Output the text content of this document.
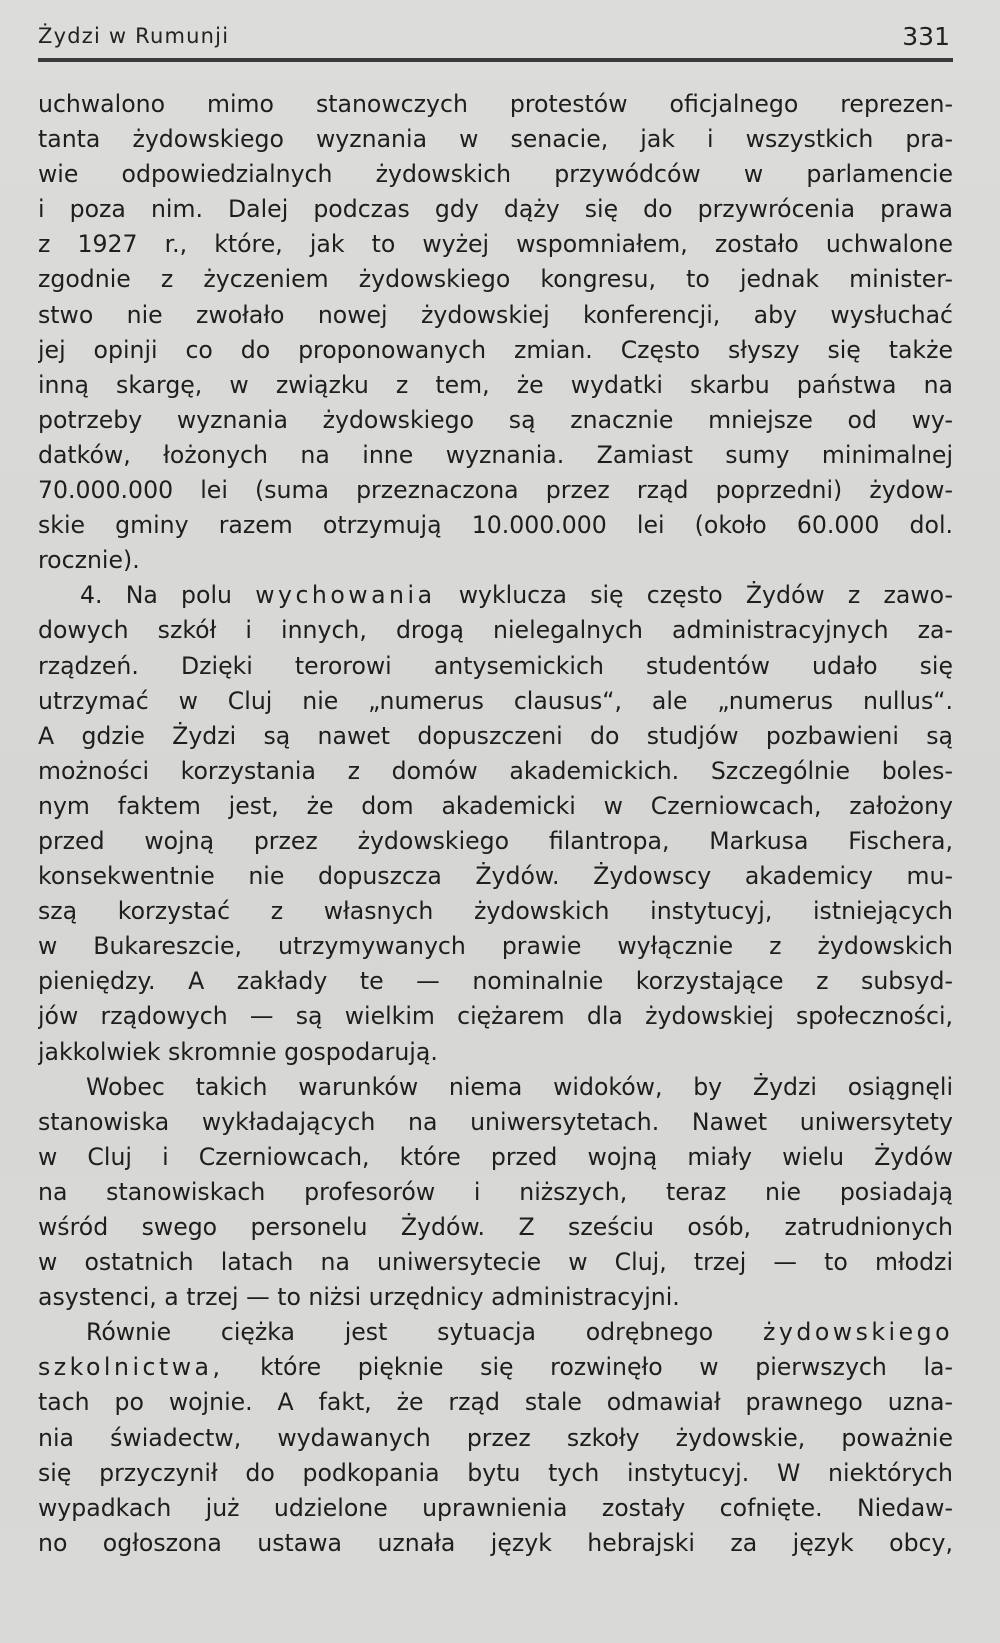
Żydzi w Rumunji	331
uchwalono mimo stanowczych protestów oficjalnego reprezen-
tanta żydowskiego wyznania w senacie, jak i wszystkich pra-
wie odpowiedzialnych żydowskich przywódców w parlamencie
i poza nim. Dalej podczas gdy dąży się do przywrócenia prawa
z 1927 r., które, jak to wyżej wspomniałem, zostało uchwalone
zgodnie z życzeniem żydowskiego kongresu, to jednak minister-
stwo nie zwołało nowej żydowskiej konferencji, aby wysłuchać
jej opinji co do proponowanych zmian. Często słyszy się także
inną skargę, w związku z tem, że wydatki skarbu państwa na
potrzeby wyznania żydowskiego są znacznie mniejsze od wy-
datków, łożonych na inne wyznania. Zamiast sumy minimalnej
70.000.000 lei (suma przeznaczona przez rząd poprzedni) żydow-
skie gminy razem otrzymują 10.000.000 lei (około 60.000 dol.
rocznie).
4. Na polu wychowania wyklucza się często Żydów z zawo-
dowych szkół i innych, drogą nielegalnych administracyjnych za-
rządzeń. Dzięki terorowi antysemickich studentów udało się
utrzymać w Cluj nie „numerus clausus“, ale „numerus nullus“.
A gdzie Żydzi są nawet dopuszczeni do studjów pozbawieni są
możności korzystania z domów akademickich. Szczególnie boles-
nym faktem jest, że dom akademicki w Czerniowcach, założony
przed wojną przez żydowskiego filantropa, Markusa Fischera,
konsekwentnie nie dopuszcza Żydów. Żydowscy akademicy mu-
szą korzystać z własnych żydowskich instytucyj, istniejących
w Bukareszcie, utrzymywanych prawie wyłącznie z żydowskich
pieniędzy. A zakłady te — nominalnie korzystające z subsyd-
jów rządowych — są wielkim ciężarem dla żydowskiej społeczności,
jakkolwiek skromnie gospodarują.
Wobec takich warunków niema widoków, by Żydzi osiągnęli
stanowiska wykładających na uniwersytetach. Nawet uniwersytety
w Cluj i Czerniowcach, które przed wojną miały wielu Żydów
na stanowiskach profesorów i niższych, teraz nie posiadają
wśród swego personelu Żydów. Z sześciu osób, zatrudnionych
w ostatnich latach na uniwersytecie w Cluj, trzej — to młodzi
asystenci, a trzej — to niżsi urzędnicy administracyjni.
Równie ciężka jest sytuacja odrębnego żydowskiego
szkolnictwa, które pięknie się rozwinęło w pierwszych la-
tach po wojnie. A fakt, że rząd stale odmawiał prawnego uzna-
nia świadectw, wydawanych przez szkoły żydowskie, poważnie
się przyczynił do podkopania bytu tych instytucyj. W niektórych
wypadkach już udzielone uprawnienia zostały cofnięte. Niedaw-
no ogłoszona ustawa uznała język hebrajski za język obcy,
